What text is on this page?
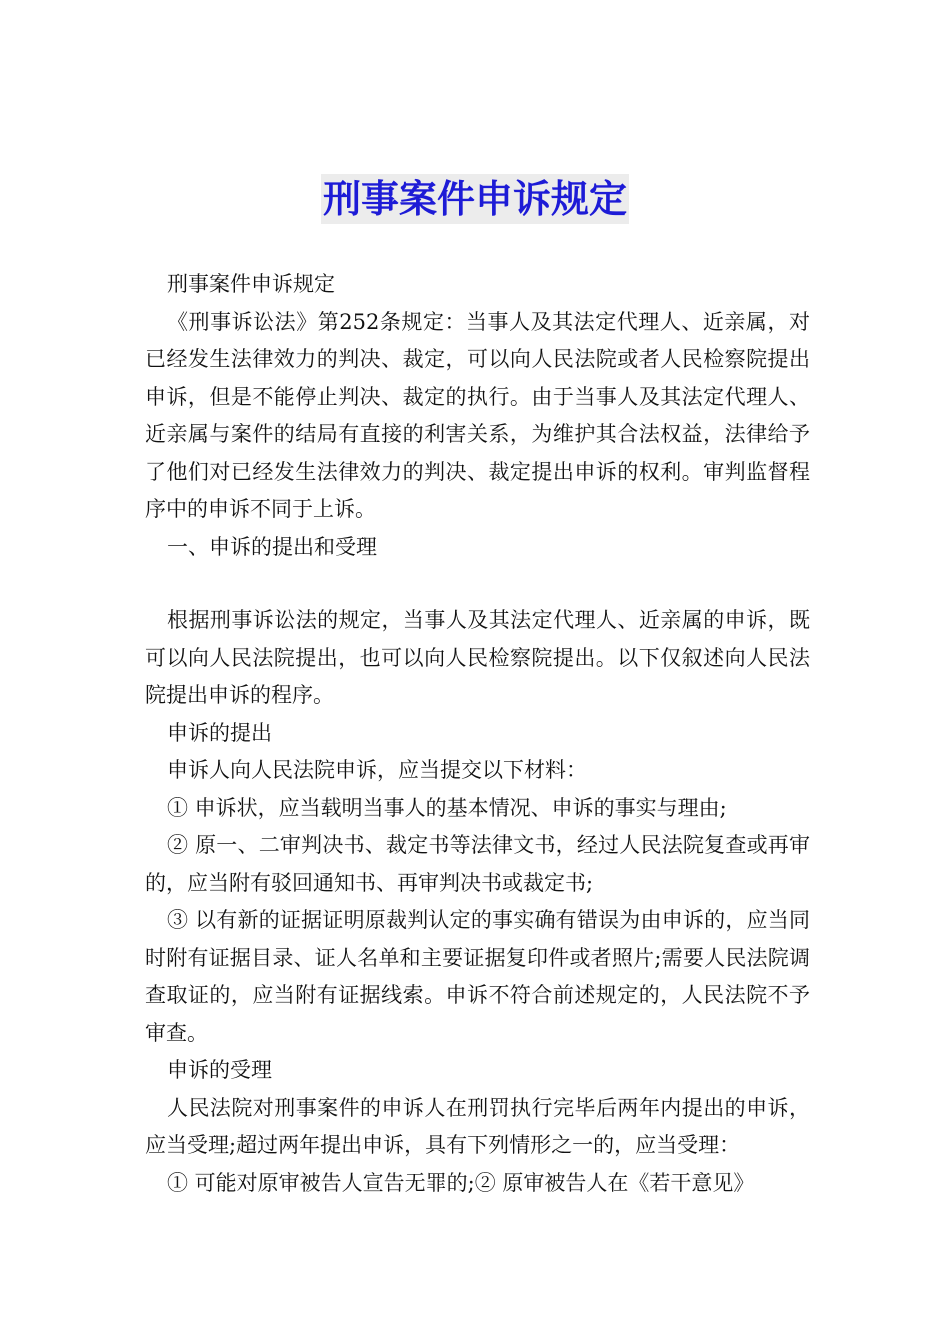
刑事案件申诉规定

刑事案件申诉规定

《刑事诉讼法》第252条规定：当事人及其法定代理人、近亲属，对已经发生法律效力的判决、裁定，可以向人民法院或者人民检察院提出申诉，但是不能停止判决、裁定的执行。由于当事人及其法定代理人、近亲属与案件的结局有直接的利害关系，为维护其合法权益，法律给予了他们对已经发生法律效力的判决、裁定提出申诉的权利。审判监督程序中的申诉不同于上诉。

一、申诉的提出和受理

根据刑事诉讼法的规定，当事人及其法定代理人、近亲属的申诉，既可以向人民法院提出，也可以向人民检察院提出。以下仅叙述向人民法院提出申诉的程序。

申诉的提出

申诉人向人民法院申诉，应当提交以下材料：

① 申诉状，应当载明当事人的基本情况、申诉的事实与理由;

② 原一、二审判决书、裁定书等法律文书，经过人民法院复查或再审的，应当附有驳回通知书、再审判决书或裁定书;

③ 以有新的证据证明原裁判认定的事实确有错误为由申诉的，应当同时附有证据目录、证人名单和主要证据复印件或者照片;需要人民法院调查取证的，应当附有证据线索。申诉不符合前述规定的，人民法院不予审查。

申诉的受理

人民法院对刑事案件的申诉人在刑罚执行完毕后两年内提出的申诉，应当受理;超过两年提出申诉，具有下列情形之一的，应当受理：

① 可能对原审被告人宣告无罪的;② 原审被告人在《若干意见》
